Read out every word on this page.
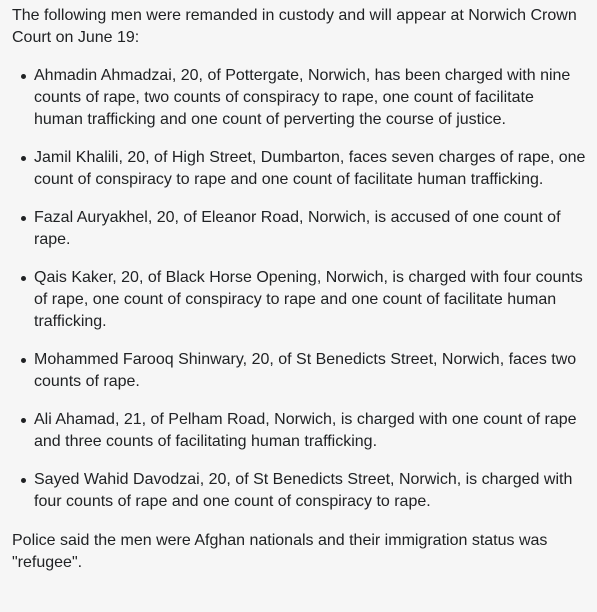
The following men were remanded in custody and will appear at Norwich Crown Court on June 19:

Ahmadin Ahmadzai, 20, of Pottergate, Norwich, has been charged with nine counts of rape, two counts of conspiracy to rape, one count of facilitate human trafficking and one count of perverting the course of justice.
Jamil Khalili, 20, of High Street, Dumbarton, faces seven charges of rape, one count of conspiracy to rape and one count of facilitate human trafficking.
Fazal Auryakhel, 20, of Eleanor Road, Norwich, is accused of one count of rape.
Qais Kaker, 20, of Black Horse Opening, Norwich, is charged with four counts of rape, one count of conspiracy to rape and one count of facilitate human trafficking.
Mohammed Farooq Shinwary, 20, of St Benedicts Street, Norwich, faces two counts of rape.
Ali Ahamad, 21, of Pelham Road, Norwich, is charged with one count of rape and three counts of facilitating human trafficking.
Sayed Wahid Davodzai, 20, of St Benedicts Street, Norwich, is charged with four counts of rape and one count of conspiracy to rape.

Police said the men were Afghan nationals and their immigration status was "refugee".
